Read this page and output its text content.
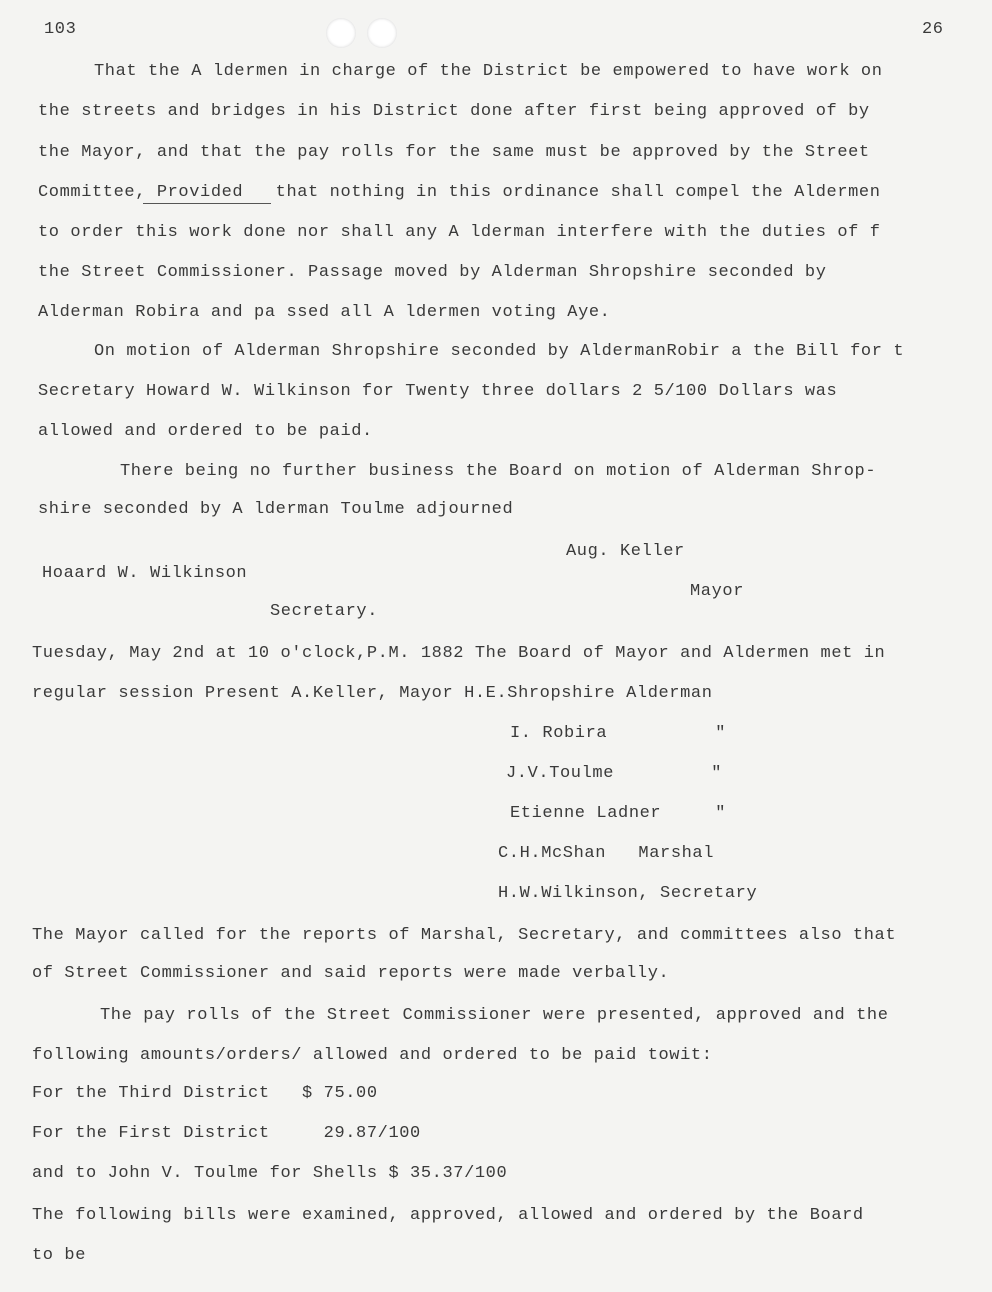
103	26
That the A ldermen in charge of the District be empowered to have work on
the streets and bridges in his District done after first being approved of by
the Mayor, and that the pay rolls for the same must be approved by the Street
Committee, Provided   that nothing in this ordinance shall compel the Aldermen
to order this work done nor shall any A lderman interfere with the duties of f
the Street Commissioner. Passage moved by Alderman Shropshire seconded by
Alderman Robira and pa ssed all A ldermen voting Aye.
On motion of Alderman Shropshire seconded by AldermanRobir a the Bill for t
Secretary Howard W. Wilkinson for Twenty three dollars 2 5/100 Dollars was
allowed and ordered to be paid.
There being no further business the Board on motion of Alderman Shrop-
shire seconded by A lderman Toulme adjourned
Aug. Keller
Hoaard W. Wilkinson
Mayor
Secretary.
Tuesday, May 2nd at 10 o'clock,P.M. 1882 The Board of Mayor and Aldermen met in
regular session Present A.Keller, Mayor H.E.Shropshire Alderman
I. Robira          "
J.V.Toulme         "
Etienne Ladner     "
C.H.McShan   Marshal
H.W.Wilkinson, Secretary
The Mayor called for the reports of Marshal, Secretary, and committees also that
of Street Commissioner and said reports were made verbally.
The pay rolls of the Street Commissioner were presented, approved and the
following amounts/orders/ allowed and ordered to be paid towit:
For the Third District   $ 75.00
For the First District     29.87/100
and to John V. Toulme for Shells $ 35.37/100
The following bills were examined, approved, allowed and ordered by the Board
to be
